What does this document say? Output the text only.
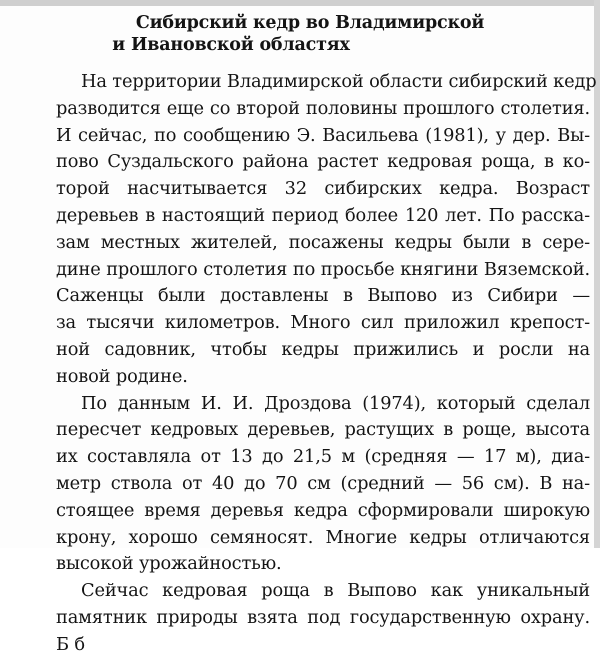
Сибирский кедр во Владимирской
и Ивановской областях
На территории Владимирской области сибирский кедр
разводится еще со второй половины прошлого столетия.
И сейчас, по сообщению Э. Васильева (1981), у дер. Вы-
пово Суздальского района растет кедровая роща, в ко-
торой насчитывается 32 сибирских кедра. Возраст
деревьев в настоящий период более 120 лет. По расска-
зам местных жителей, посажены кедры были в сере-
дине прошлого столетия по просьбе княгини Вяземской.
Саженцы были доставлены в Выпово из Сибири —
за тысячи километров. Много сил приложил крепост-
ной садовник, чтобы кедры прижились и росли на
новой родине.
По данным И. И. Дроздова (1974), который сделал
пересчет кедровых деревьев, растущих в роще, высота
их составляла от 13 до 21,5 м (средняя — 17 м), диа-
метр ствола от 40 до 70 см (средний — 56 см). В на-
стоящее время деревья кедра сформировали широкую
крону, хорошо семяносят. Многие кедры отличаются
высокой урожайностью.
Сейчас кедровая роща в Выпово как уникальный
памятник природы взята под государственную охрану.
Б б
